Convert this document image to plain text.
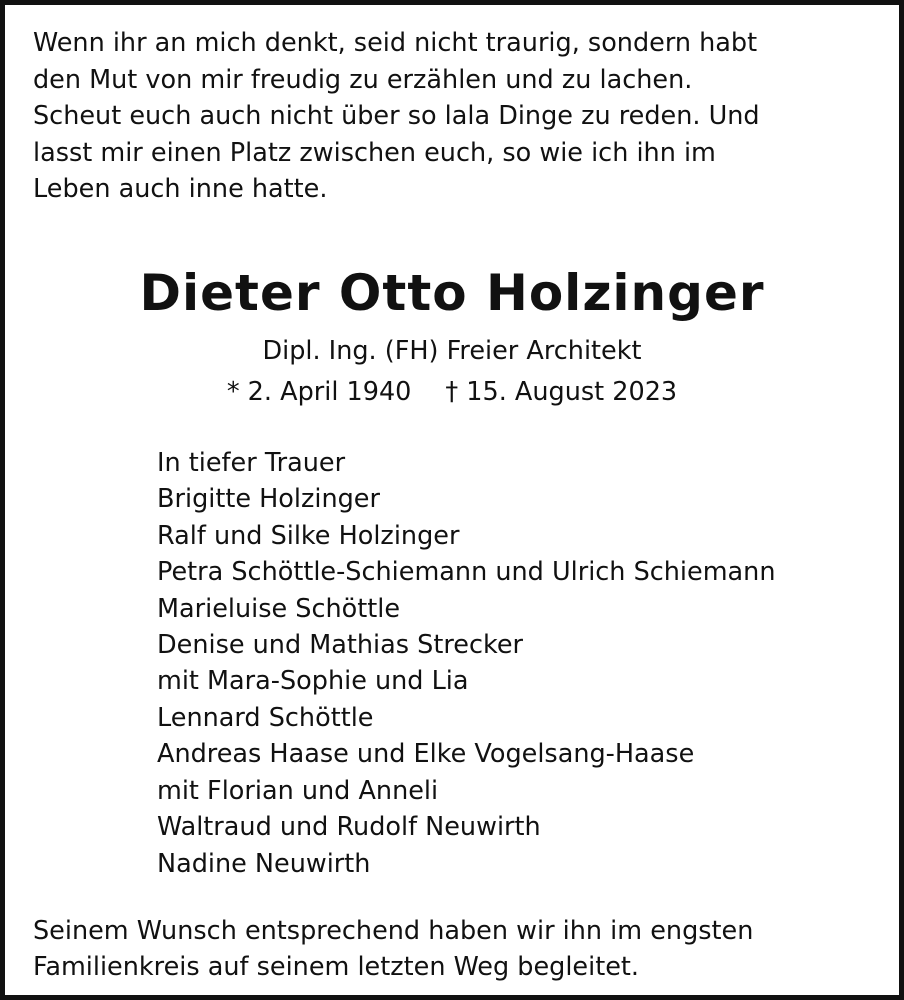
Wenn ihr an mich denkt, seid nicht traurig, sondern habt
den Mut von mir freudig zu erzählen und zu lachen.
Scheut euch auch nicht über so lala Dinge zu reden. Und
lasst mir einen Platz zwischen euch, so wie ich ihn im
Leben auch inne hatte.
Dieter Otto Holzinger
Dipl. Ing. (FH) Freier Architekt
* 2. April 1940 † 15. August 2023
In tiefer Trauer
Brigitte Holzinger
Ralf und Silke Holzinger
Petra Schöttle-Schiemann und Ulrich Schiemann
Marieluise Schöttle
Denise und Mathias Strecker
mit Mara-Sophie und Lia
Lennard Schöttle
Andreas Haase und Elke Vogelsang-Haase
mit Florian und Anneli
Waltraud und Rudolf Neuwirth
Nadine Neuwirth
Seinem Wunsch entsprechend haben wir ihn im engsten
Familienkreis auf seinem letzten Weg begleitet.
